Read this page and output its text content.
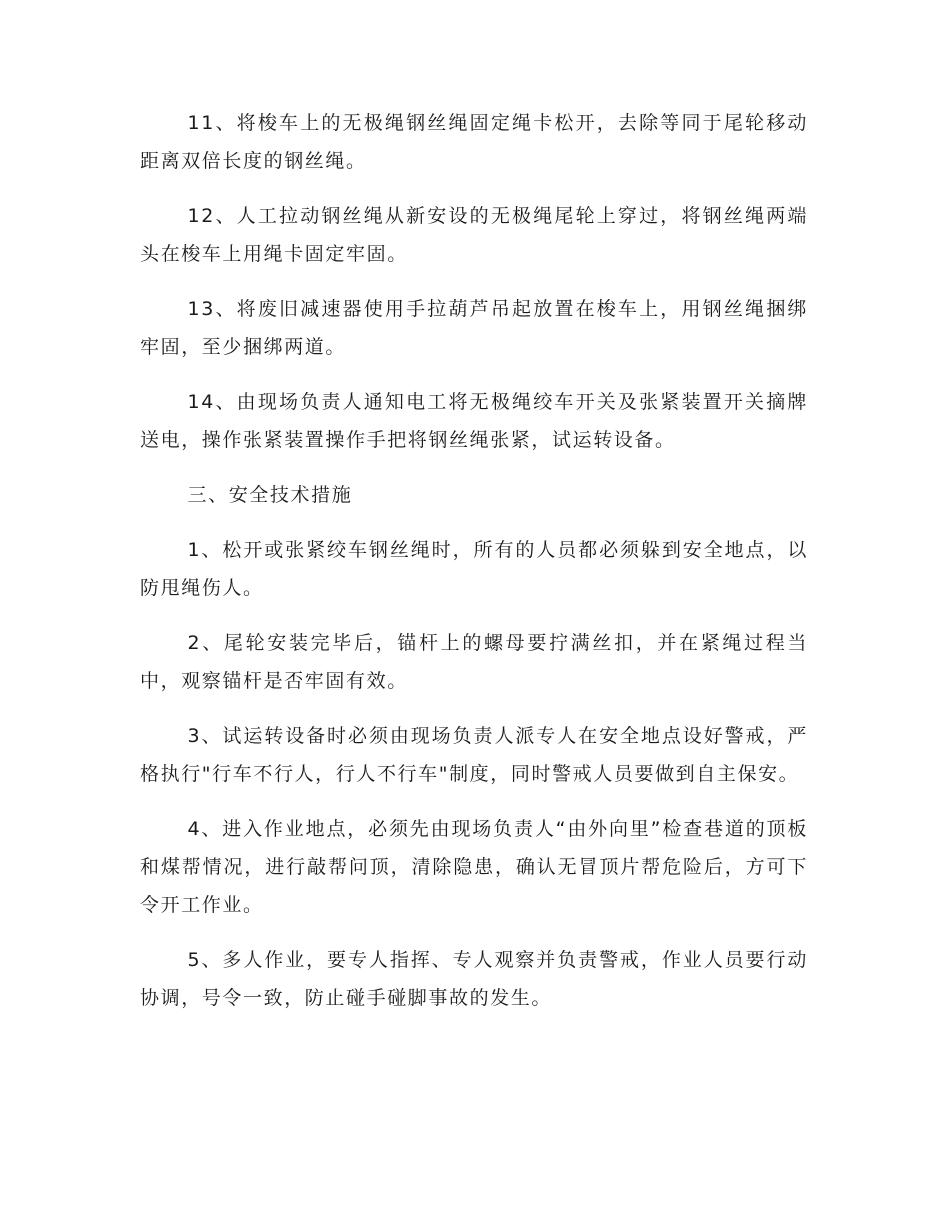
11、将梭车上的无极绳钢丝绳固定绳卡松开，去除等同于尾轮移动距离双倍长度的钢丝绳。

12、人工拉动钢丝绳从新安设的无极绳尾轮上穿过，将钢丝绳两端头在梭车上用绳卡固定牢固。

13、将废旧减速器使用手拉葫芦吊起放置在梭车上，用钢丝绳捆绑牢固，至少捆绑两道。

14、由现场负责人通知电工将无极绳绞车开关及张紧装置开关摘牌送电，操作张紧装置操作手把将钢丝绳张紧，试运转设备。

三、安全技术措施

1、松开或张紧绞车钢丝绳时，所有的人员都必须躲到安全地点，以防甩绳伤人。

2、尾轮安装完毕后，锚杆上的螺母要拧满丝扣，并在紧绳过程当中，观察锚杆是否牢固有效。

3、试运转设备时必须由现场负责人派专人在安全地点设好警戒，严格执行"行车不行人，行人不行车"制度，同时警戒人员要做到自主保安。

4、进入作业地点，必须先由现场负责人“由外向里”检查巷道的顶板和煤帮情况，进行敲帮问顶，清除隐患，确认无冒顶片帮危险后，方可下令开工作业。

5、多人作业，要专人指挥、专人观察并负责警戒，作业人员要行动协调，号令一致，防止碰手碰脚事故的发生。
